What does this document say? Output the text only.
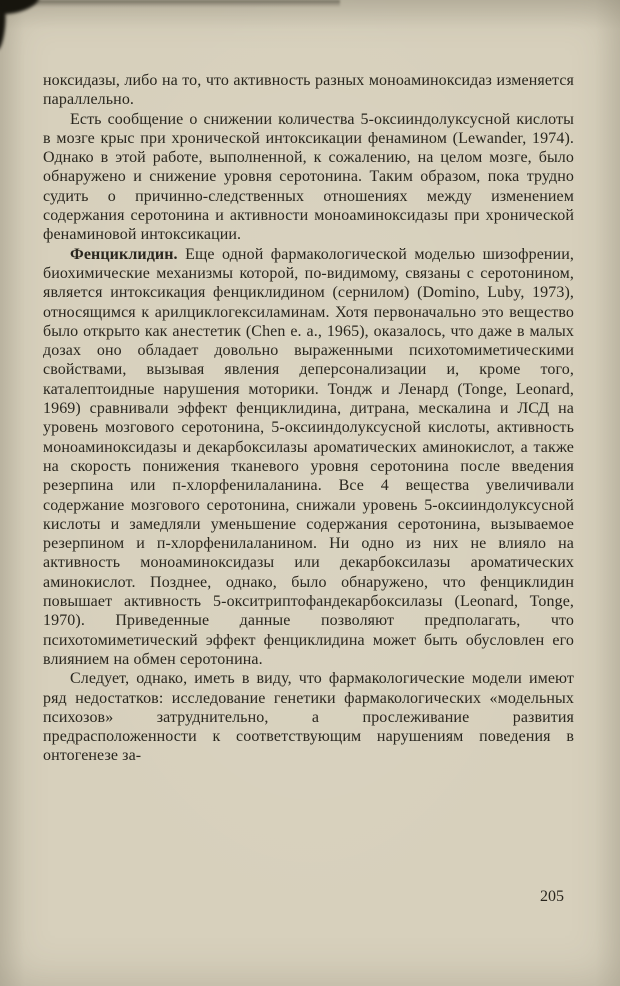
ноксидазы, либо на то, что активность разных моноаминоксидаз изменяется параллельно.

Есть сообщение о снижении количества 5-оксииндолуксусной кислоты в мозге крыс при хронической интоксикации фенамином (Lewander, 1974). Однако в этой работе, выполненной, к сожалению, на целом мозге, было обнаружено и снижение уровня серотонина. Таким образом, пока трудно судить о причинно-следственных отношениях между изменением содержания серотонина и активности моноаминоксидазы при хронической фенаминовой интоксикации.

Фенциклидин. Еще одной фармакологической моделью шизофрении, биохимические механизмы которой, по-видимому, связаны с серотонином, является интоксикация фенциклидином (сернилом) (Domino, Luby, 1973), относящимся к арилциклогексиламинам. Хотя первоначально это вещество было открыто как анестетик (Chen e. a., 1965), оказалось, что даже в малых дозах оно обладает довольно выраженными психотомиметическими свойствами, вызывая явления деперсонализации и, кроме того, каталептоидные нарушения моторики. Тондж и Ленард (Tonge, Leonard, 1969) сравнивали эффект фенциклидина, дитрана, мескалина и ЛСД на уровень мозгового серотонина, 5-оксииндолуксусной кислоты, активность моноаминоксидазы и декарбоксилазы ароматических аминокислот, а также на скорость понижения тканевого уровня серотонина после введения резерпина или п-хлорфенилаланина. Все 4 вещества увеличивали содержание мозгового серотонина, снижали уровень 5-оксииндолуксусной кислоты и замедляли уменьшение содержания серотонина, вызываемое резерпином и п-хлорфенилаланином. Ни одно из них не влияло на активность моноаминоксидазы или декарбоксилазы ароматических аминокислот. Позднее, однако, было обнаружено, что фенциклидин повышает активность 5-окситриптофандекарбоксилазы (Leonard, Tonge, 1970). Приведенные данные позволяют предполагать, что психотомиметический эффект фенциклидина может быть обусловлен его влиянием на обмен серотонина.

Следует, однако, иметь в виду, что фармакологические модели имеют ряд недостатков: исследование генетики фармакологических «модельных психозов» затруднительно, а прослеживание развития предрасположенности к соответствующим нарушениям поведения в онтогенезе за-

205
